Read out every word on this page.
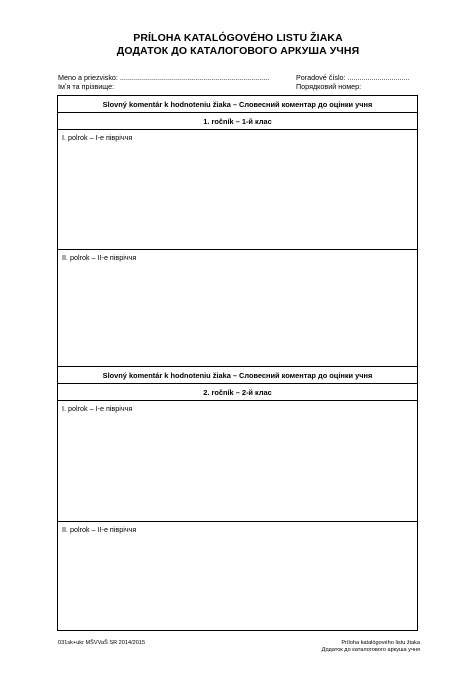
PRÍLOHA KATALÓGOVÉHO LISTU ŽIAKA
ДОДАТОК ДО КАТАЛОГОВОГО АРКУША УЧНЯ
Meno a priezvisko: ...........................................................................
Імʼя та прізвище:
Poradové číslo: ...............................
Порядковий номер:
Slovný komentár k hodnoteniu žiaka – Словесний коментар до оцінки учня
1. ročník – 1-й клас
I. polrok – I-е півріччя
II. polrok – II-е півріччя
Slovný komentár k hodnoteniu žiaka – Словесний коментар до оцінки учня
2. ročník – 2-й клас
I. polrok – I-е півріччя
II. polrok – II-е півріччя
031sk+ukr MŠVVaŠ SR 2014/2015	Príloha katalógového listu žiaka
Додаток до каталогового аркуша учня
